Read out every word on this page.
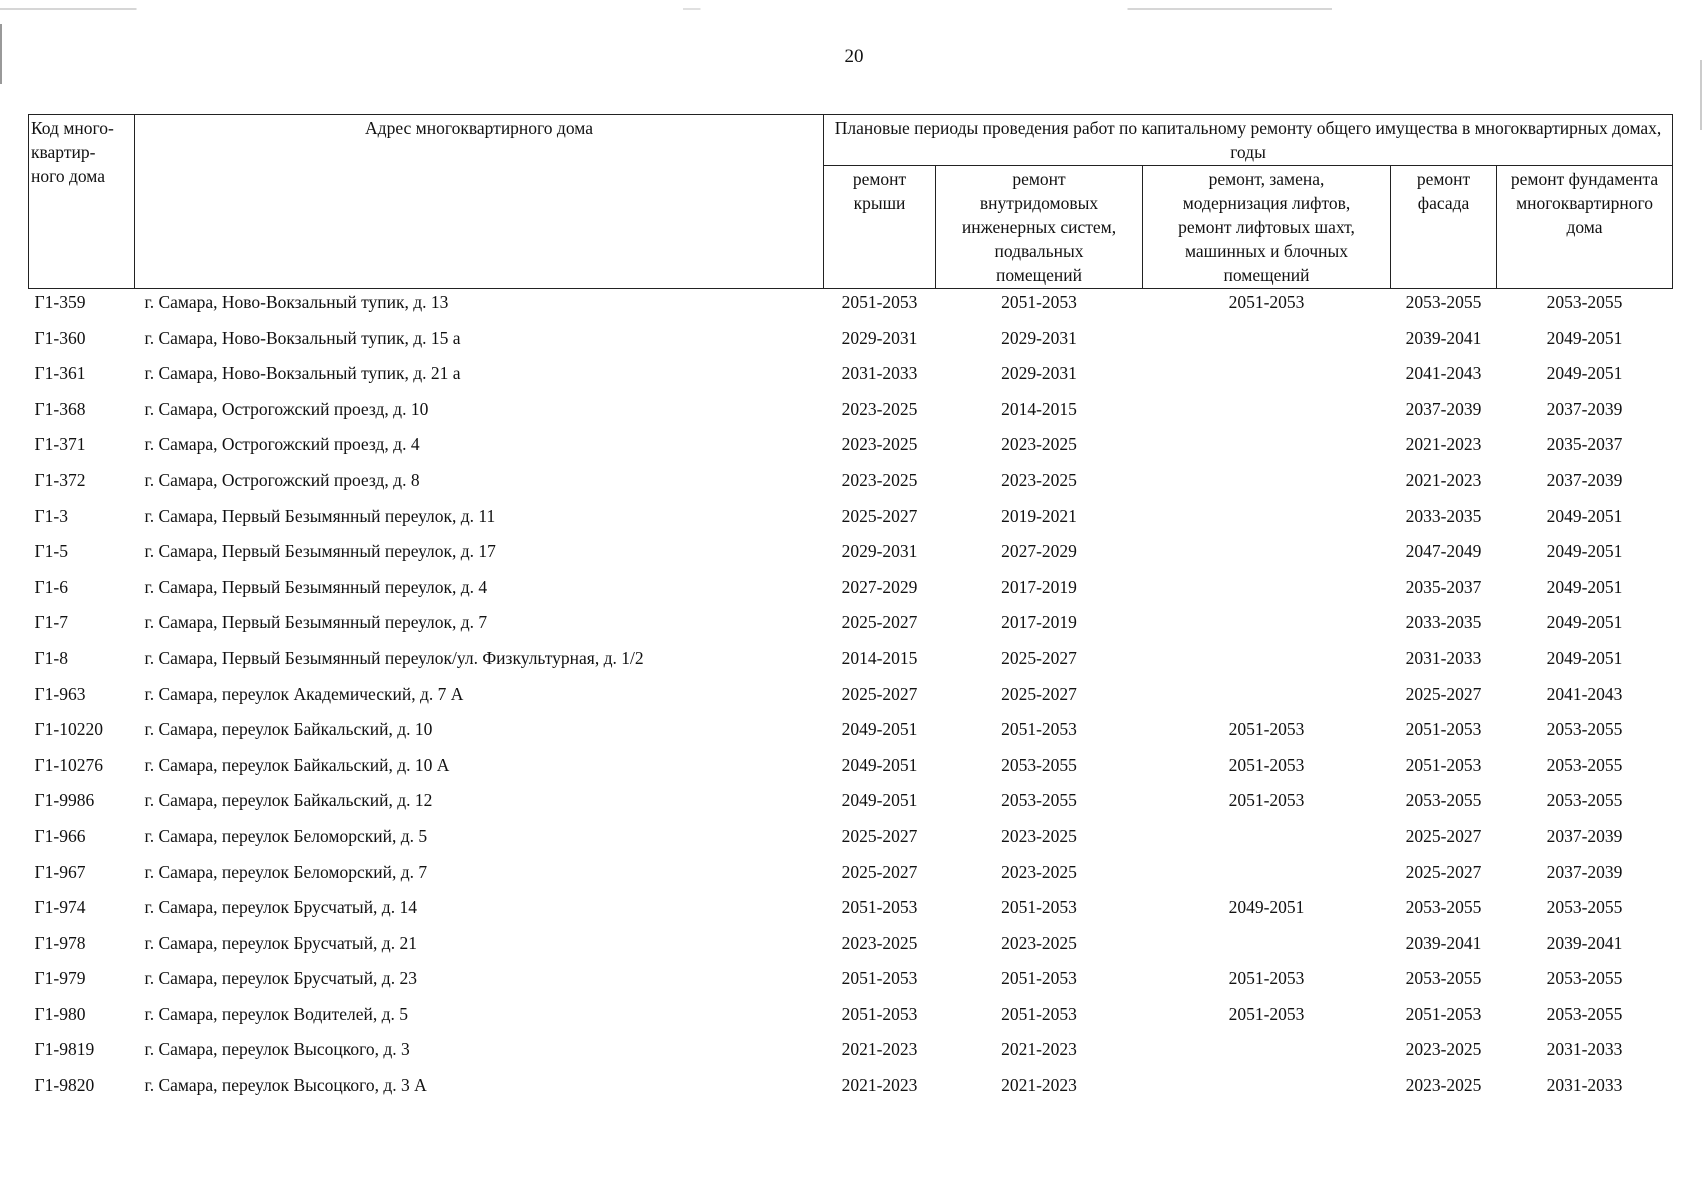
20
Код много-
квартир-
ного дома	Адрес многоквартирного дома	Плановые периоды проведения работ по капитальному ремонту общего имущества в многоквартирных домах, годы				
		ремонт
крыши	ремонт
внутридомовых
инженерных систем,
подвальных
помещений	ремонт, замена,
модернизация лифтов,
ремонт лифтовых шахт,
машинных и блочных
помещений	ремонт
фасада	ремонт фундамента
многоквартирного
дома
Г1-359	г. Самара, Ново-Вокзальный тупик, д. 13	2051-2053	2051-2053	2051-2053	2053-2055	2053-2055
Г1-360	г. Самара, Ново-Вокзальный тупик, д. 15 а	2029-2031	2029-2031		2039-2041	2049-2051
Г1-361	г. Самара, Ново-Вокзальный тупик, д. 21 а	2031-2033	2029-2031		2041-2043	2049-2051
Г1-368	г. Самара, Острогожский проезд, д. 10	2023-2025	2014-2015		2037-2039	2037-2039
Г1-371	г. Самара, Острогожский проезд, д. 4	2023-2025	2023-2025		2021-2023	2035-2037
Г1-372	г. Самара, Острогожский проезд, д. 8	2023-2025	2023-2025		2021-2023	2037-2039
Г1-3	г. Самара, Первый Безымянный переулок, д. 11	2025-2027	2019-2021		2033-2035	2049-2051
Г1-5	г. Самара, Первый Безымянный переулок, д. 17	2029-2031	2027-2029		2047-2049	2049-2051
Г1-6	г. Самара, Первый Безымянный переулок, д. 4	2027-2029	2017-2019		2035-2037	2049-2051
Г1-7	г. Самара, Первый Безымянный переулок, д. 7	2025-2027	2017-2019		2033-2035	2049-2051
Г1-8	г. Самара, Первый Безымянный переулок/ул. Физкультурная, д. 1/2	2014-2015	2025-2027		2031-2033	2049-2051
Г1-963	г. Самара, переулок Академический, д. 7 А	2025-2027	2025-2027		2025-2027	2041-2043
Г1-10220	г. Самара, переулок Байкальский, д. 10	2049-2051	2051-2053	2051-2053	2051-2053	2053-2055
Г1-10276	г. Самара, переулок Байкальский, д. 10 А	2049-2051	2053-2055	2051-2053	2051-2053	2053-2055
Г1-9986	г. Самара, переулок Байкальский, д. 12	2049-2051	2053-2055	2051-2053	2053-2055	2053-2055
Г1-966	г. Самара, переулок Беломорский, д. 5	2025-2027	2023-2025		2025-2027	2037-2039
Г1-967	г. Самара, переулок Беломорский, д. 7	2025-2027	2023-2025		2025-2027	2037-2039
Г1-974	г. Самара, переулок Брусчатый, д. 14	2051-2053	2051-2053	2049-2051	2053-2055	2053-2055
Г1-978	г. Самара, переулок Брусчатый, д. 21	2023-2025	2023-2025		2039-2041	2039-2041
Г1-979	г. Самара, переулок Брусчатый, д. 23	2051-2053	2051-2053	2051-2053	2053-2055	2053-2055
Г1-980	г. Самара, переулок Водителей, д. 5	2051-2053	2051-2053	2051-2053	2051-2053	2053-2055
Г1-9819	г. Самара, переулок Высоцкого, д. 3	2021-2023	2021-2023		2023-2025	2031-2033
Г1-9820	г. Самара, переулок Высоцкого, д. 3 А	2021-2023	2021-2023		2023-2025	2031-2033
